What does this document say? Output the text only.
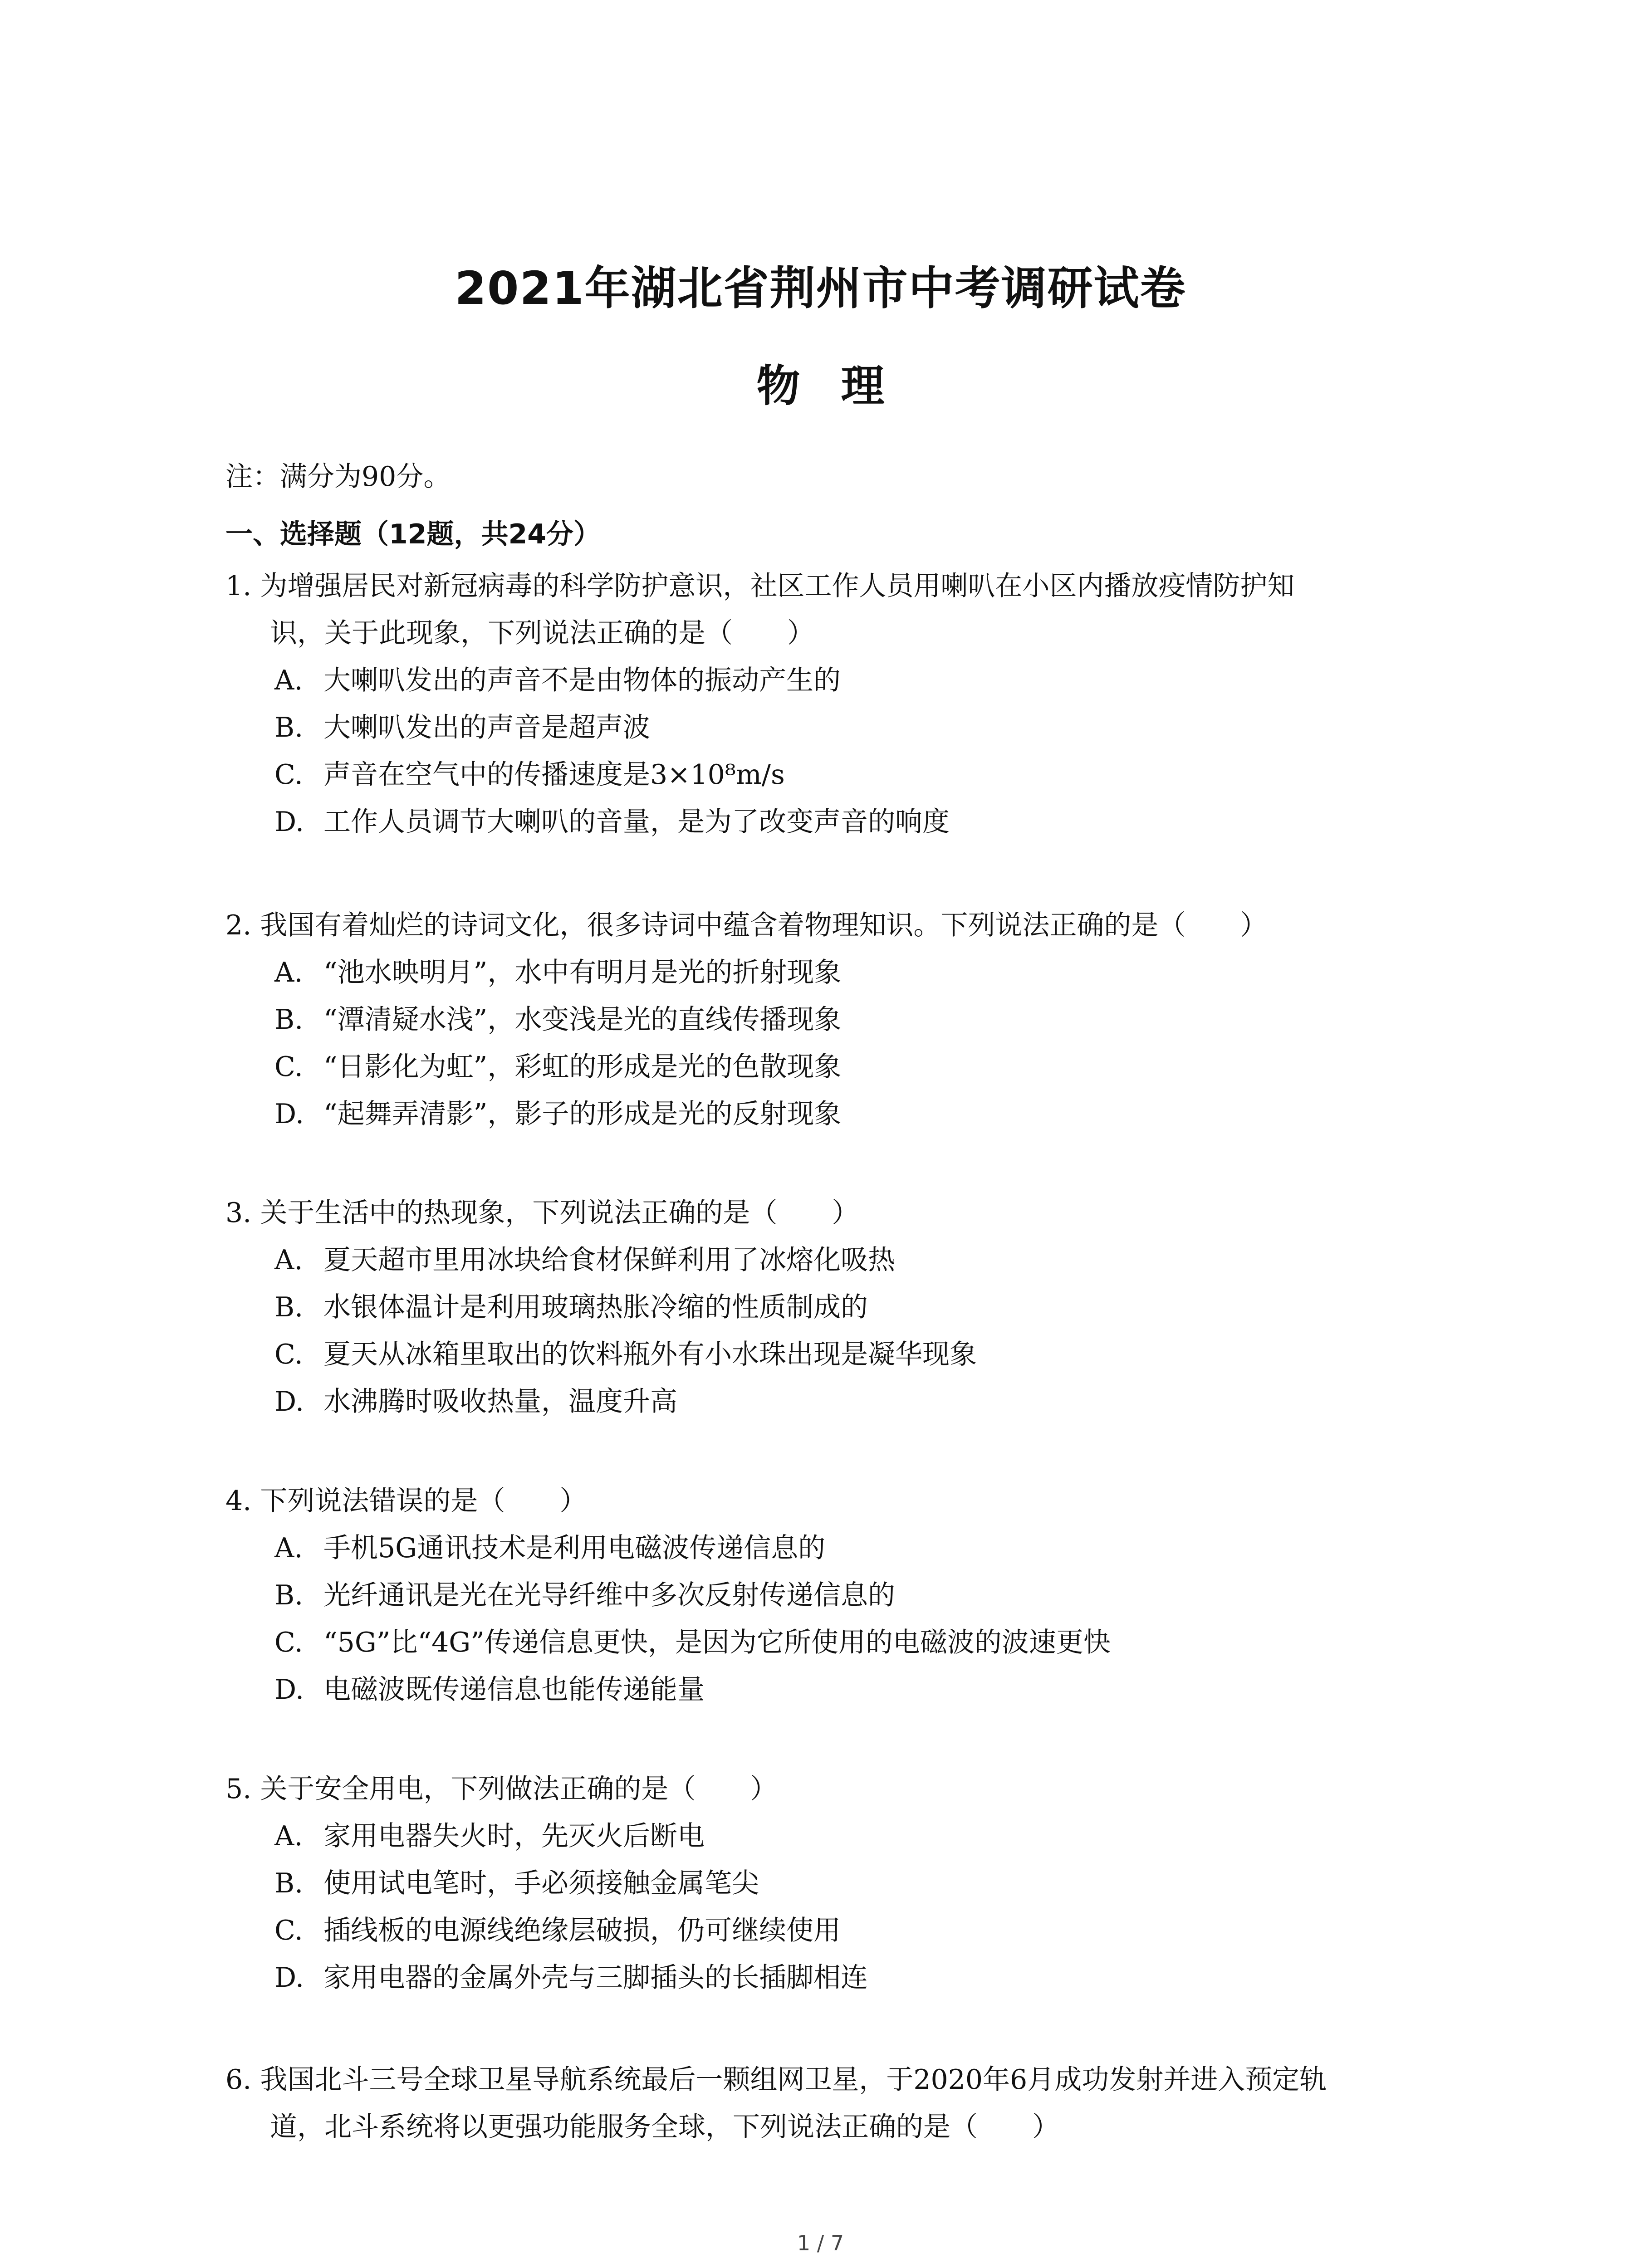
2021年湖北省荆州市中考调研试卷
物理
注：满分为90分。
一、选择题（12题，共24分）
1. 为增强居民对新冠病毒的科学防护意识，社区工作人员用喇叭在小区内播放疫情防护知
识，关于此现象，下列说法正确的是（　　）
A. 大喇叭发出的声音不是由物体的振动产生的
B. 大喇叭发出的声音是超声波
C. 声音在空气中的传播速度是3×10⁸m/s
D. 工作人员调节大喇叭的音量，是为了改变声音的响度
2. 我国有着灿烂的诗词文化，很多诗词中蕴含着物理知识。下列说法正确的是（　　）
A. “池水映明月”，水中有明月是光的折射现象
B. “潭清疑水浅”，水变浅是光的直线传播现象
C. “日影化为虹”，彩虹的形成是光的色散现象
D. “起舞弄清影”，影子的形成是光的反射现象
3. 关于生活中的热现象，下列说法正确的是（　　）
A. 夏天超市里用冰块给食材保鲜利用了冰熔化吸热
B. 水银体温计是利用玻璃热胀冷缩的性质制成的
C. 夏天从冰箱里取出的饮料瓶外有小水珠出现是凝华现象
D. 水沸腾时吸收热量，温度升高
4. 下列说法错误的是（　　）
A. 手机5G通讯技术是利用电磁波传递信息的
B. 光纤通讯是光在光导纤维中多次反射传递信息的
C. “5G”比“4G”传递信息更快，是因为它所使用的电磁波的波速更快
D. 电磁波既传递信息也能传递能量
5. 关于安全用电，下列做法正确的是（　　）
A. 家用电器失火时，先灭火后断电
B. 使用试电笔时，手必须接触金属笔尖
C. 插线板的电源线绝缘层破损，仍可继续使用
D. 家用电器的金属外壳与三脚插头的长插脚相连
6. 我国北斗三号全球卫星导航系统最后一颗组网卫星，于2020年6月成功发射并进入预定轨
道，北斗系统将以更强功能服务全球，下列说法正确的是（　　）
1 / 7
